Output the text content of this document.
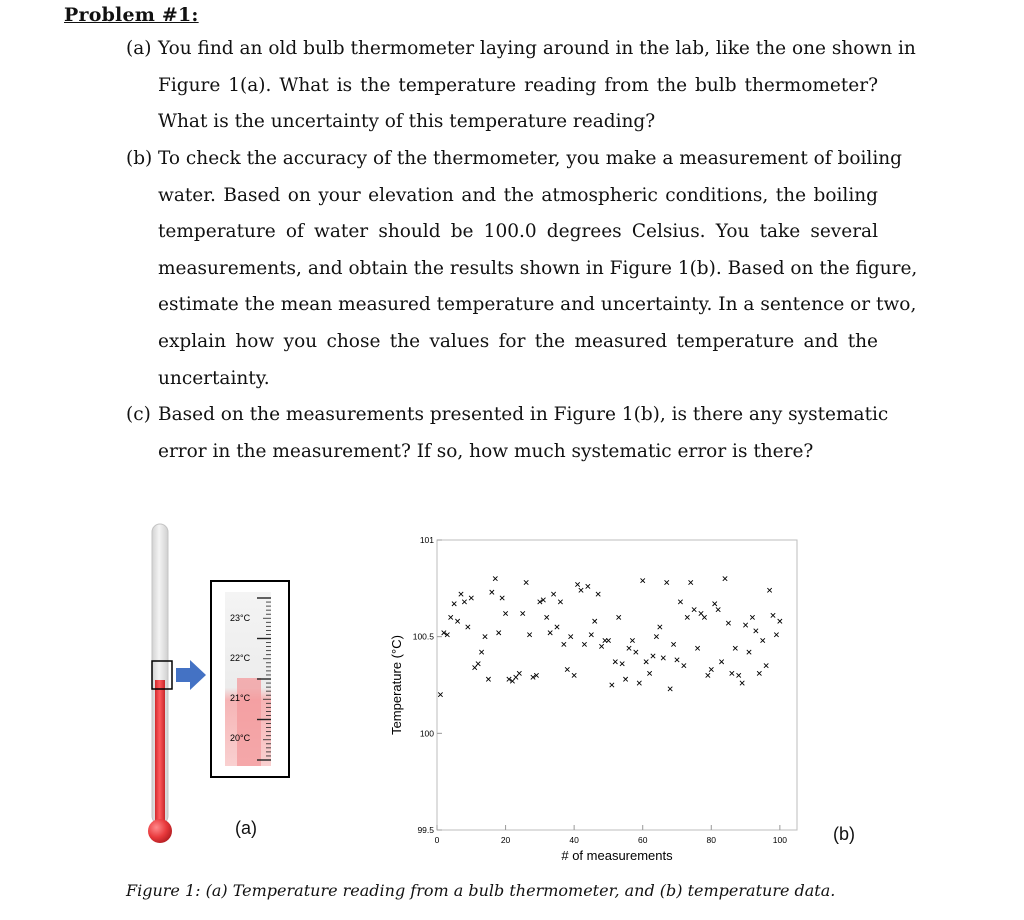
Problem #1:
(a) You find an old bulb thermometer laying around in the lab, like the one shown in
Figure 1(a). What is the temperature reading from the bulb thermometer?
What is the uncertainty of this temperature reading?
(b) To check the accuracy of the thermometer, you make a measurement of boiling
water. Based on your elevation and the atmospheric conditions, the boiling
temperature of water should be 100.0 degrees Celsius. You take several
measurements, and obtain the results shown in Figure 1(b). Based on the figure,
estimate the mean measured temperature and uncertainty. In a sentence or two,
explain how you chose the values for the measured temperature and the
uncertainty.
(c) Based on the measurements presented in Figure 1(b), is there any systematic
error in the measurement? If so, how much systematic error is there?
23°C
22°C
21°C
20°C
(a)	99.5
100
100.5
101
0	20	40	60	80	100
# of measurements
Temperature (°C)
(b)
Figure 1: (a) Temperature reading from a bulb thermometer, and (b) temperature data.
